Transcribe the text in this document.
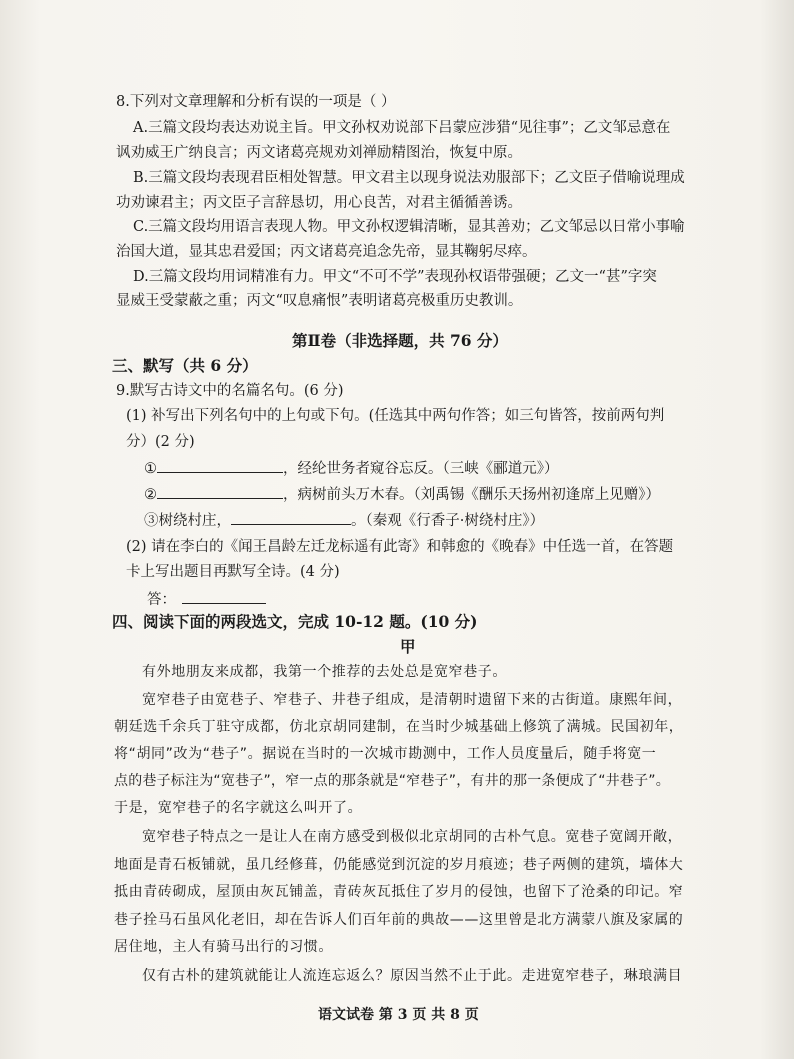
8.下列对文章理解和分析有误的一项是（ ）
A.三篇文段均表达劝说主旨。甲文孙权劝说部下吕蒙应涉猎“见往事”；乙文邹忌意在
讽劝威王广纳良言；丙文诸葛亮规劝刘禅励精图治，恢复中原。
B.三篇文段均表现君臣相处智慧。甲文君主以现身说法劝服部下；乙文臣子借喻说理成
功劝谏君主；丙文臣子言辞恳切，用心良苦，对君主循循善诱。
C.三篇文段均用语言表现人物。甲文孙权逻辑清晰，显其善劝；乙文邹忌以日常小事喻
治国大道，显其忠君爱国；丙文诸葛亮追念先帝，显其鞠躬尽瘁。
D.三篇文段均用词精准有力。甲文“不可不学”表现孙权语带强硬；乙文一“甚”字突
显威王受蒙蔽之重；丙文“叹息痛恨”表明诸葛亮极重历史教训。
第Ⅱ卷（非选择题，共 76 分）
三、默写（共 6 分）
9.默写古诗文中的名篇名句。(6 分)
(1) 补写出下列名句中的上句或下句。(任选其中两句作答；如三句皆答，按前两句判
分）(2 分)
①	，经纶世务者窥谷忘反。（三峡《郦道元》）
②	，病树前头万木春。（刘禹锡《酬乐天扬州初逢席上见赠》）
③树绕村庄，	。（秦观《行香子·树绕村庄》）
(2) 请在李白的《闻王昌龄左迁龙标遥有此寄》和韩愈的《晚春》中任选一首，在答题
卡上写出题目再默写全诗。(4 分)
答：
四、阅读下面的两段选文，完成 10-12 题。(10 分)
甲
有外地朋友来成都，我第一个推荐的去处总是宽窄巷子。
宽窄巷子由宽巷子、窄巷子、井巷子组成，是清朝时遗留下来的古街道。康熙年间，
朝廷选千余兵丁驻守成都，仿北京胡同建制，在当时少城基础上修筑了满城。民国初年，
将“胡同”改为“巷子”。据说在当时的一次城市勘测中，工作人员度量后，随手将宽一
点的巷子标注为“宽巷子”，窄一点的那条就是“窄巷子”，有井的那一条便成了“井巷子”。
于是，宽窄巷子的名字就这么叫开了。
宽窄巷子特点之一是让人在南方感受到极似北京胡同的古朴气息。宽巷子宽阔开敞，
地面是青石板铺就，虽几经修葺，仍能感觉到沉淀的岁月痕迹；巷子两侧的建筑，墙体大
抵由青砖砌成，屋顶由灰瓦铺盖，青砖灰瓦抵住了岁月的侵蚀，也留下了沧桑的印记。窄
巷子拴马石虽风化老旧，却在告诉人们百年前的典故——这里曾是北方满蒙八旗及家属的
居住地，主人有骑马出行的习惯。
仅有古朴的建筑就能让人流连忘返么？原因当然不止于此。走进宽窄巷子，琳琅满目
语文试卷 第 3 页 共 8 页
